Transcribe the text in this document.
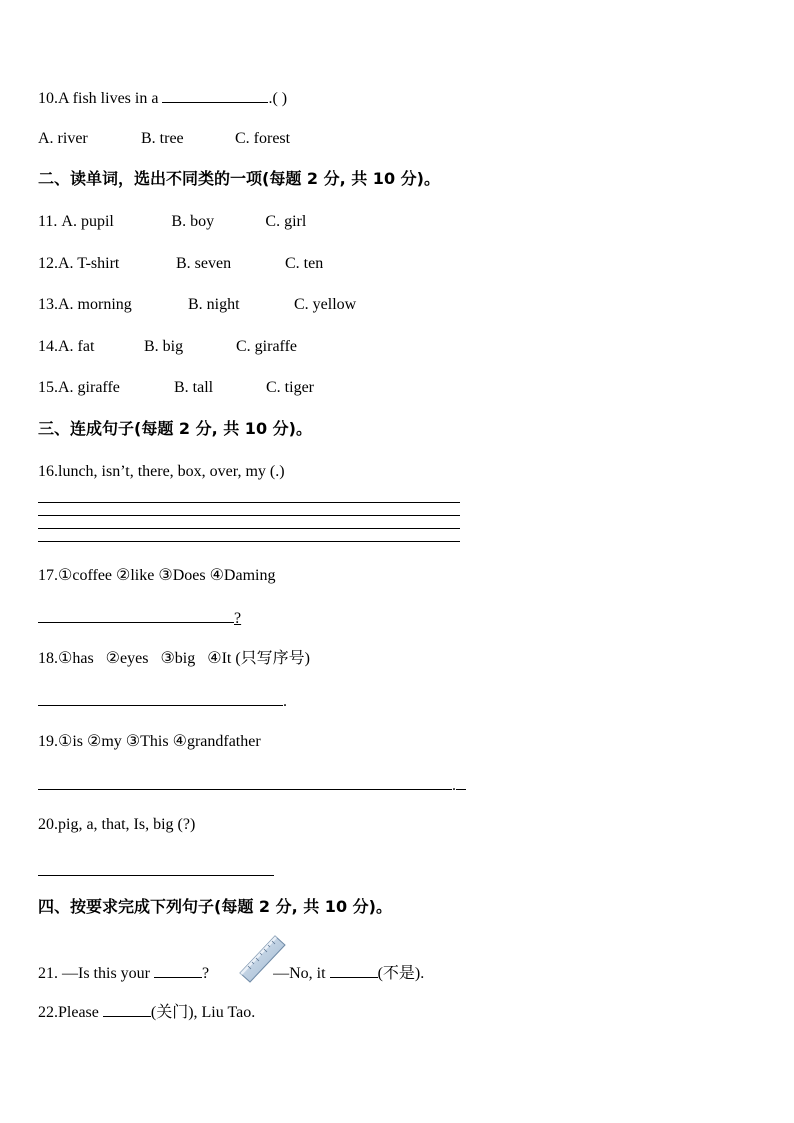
10.A fish lives in a	.( )
A. river	B. tree	C. forest
二、读单词，选出不同类的一项(每题 2 分, 共 10 分)。
11. A. pupil	B. boy	C. girl
12.A. T-shirt	B. seven	C. ten
13.A. morning	B. night	C. yellow
14.A. fat	B. big	C. giraffe
15.A. giraffe	B. tall	C. tiger
三、连成句子(每题 2 分, 共 10 分)。
16.lunch, isn’t, there, box, over, my (.)
17.①coffee ②like ③Does ④Daming
?
18.①has   ②eyes   ③big   ④It (只写序号)
.
19.①is ②my ③This ④grandfather
.
20.pig, a, that, Is, big (?)
四、按要求完成下列句子(每题 2 分, 共 10 分)。
21. —Is this your	?	—No, it	(不是).
22.Please	(关门), Liu Tao.
